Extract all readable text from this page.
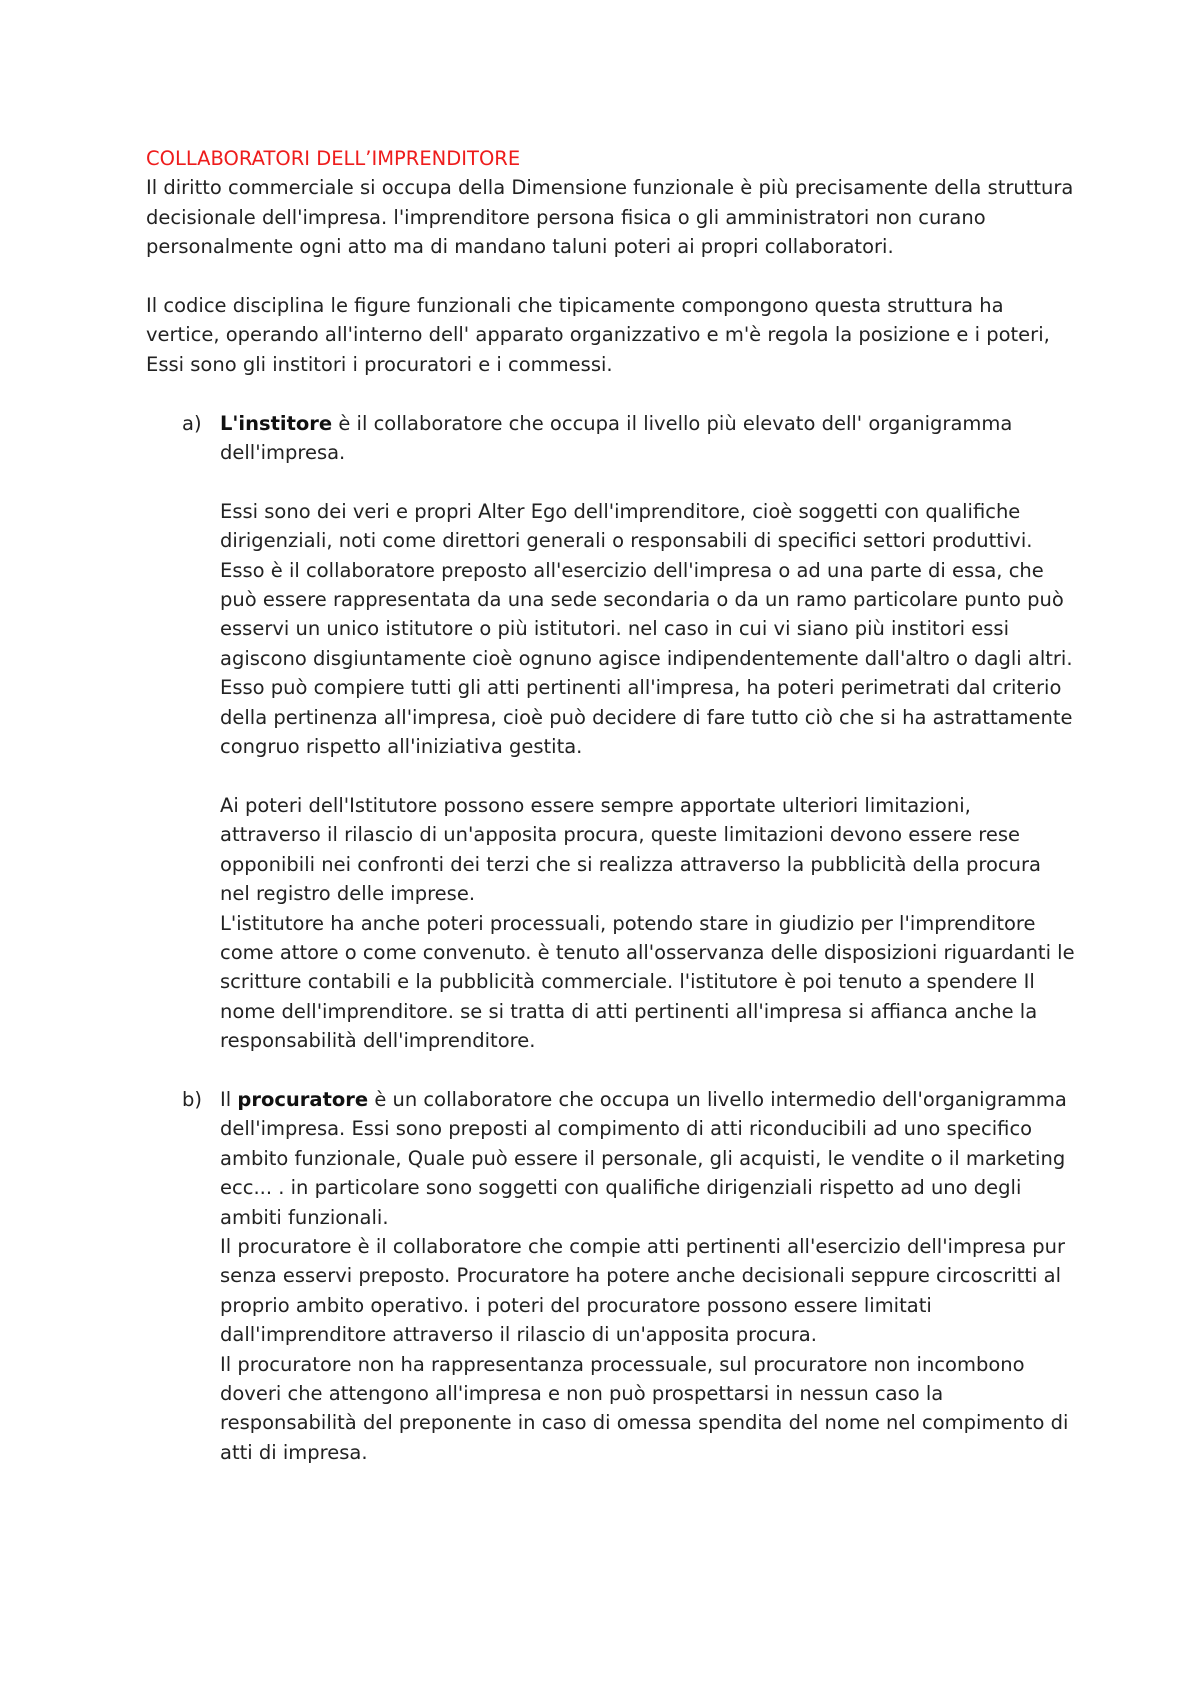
COLLABORATORI DELL’IMPRENDITORE

Il diritto commerciale si occupa della Dimensione funzionale è più precisamente della struttura decisionale dell'impresa. l'imprenditore persona fisica o gli amministratori non curano personalmente ogni atto ma di mandano taluni poteri ai propri collaboratori.

Il codice disciplina le figure funzionali che tipicamente compongono questa struttura ha vertice, operando all'interno dell' apparato organizzativo e m'è regola la posizione e i poteri, Essi sono gli institori i procuratori e i commessi.

a) L'institore è il collaboratore che occupa il livello più elevato dell' organigramma dell'impresa.

Essi sono dei veri e propri Alter Ego dell'imprenditore, cioè soggetti con qualifiche dirigenziali, noti come direttori generali o responsabili di specifici settori produttivi.

Esso è il collaboratore preposto all'esercizio dell'impresa o ad una parte di essa, che può essere rappresentata da una sede secondaria o da un ramo particolare punto può esservi un unico istitutore o più istitutori. nel caso in cui vi siano più institori essi agiscono disgiuntamente cioè ognuno agisce indipendentemente dall'altro o dagli altri.

Esso può compiere tutti gli atti pertinenti all'impresa, ha poteri perimetrati dal criterio della pertinenza all'impresa, cioè può decidere di fare tutto ciò che si ha astrattamente congruo rispetto all'iniziativa gestita.

Ai poteri dell'Istitutore possono essere sempre apportate ulteriori limitazioni, attraverso il rilascio di un'apposita procura, queste limitazioni devono essere rese opponibili nei confronti dei terzi che si realizza attraverso la pubblicità della procura nel registro delle imprese.

L'istitutore ha anche poteri processuali, potendo stare in giudizio per l'imprenditore come attore o come convenuto. è tenuto all'osservanza delle disposizioni riguardanti le scritture contabili e la pubblicità commerciale. l'istitutore è poi tenuto a spendere Il nome dell'imprenditore. se si tratta di atti pertinenti all'impresa si affianca anche la responsabilità dell'imprenditore.

b) Il procuratore è un collaboratore che occupa un livello intermedio dell'organigramma dell'impresa. Essi sono preposti al compimento di atti riconducibili ad uno specifico ambito funzionale, Quale può essere il personale, gli acquisti, le vendite o il marketing ecc... . in particolare sono soggetti con qualifiche dirigenziali rispetto ad uno degli ambiti funzionali.

Il procuratore è il collaboratore che compie atti pertinenti all'esercizio dell'impresa pur senza esservi preposto. Procuratore ha potere anche decisionali seppure circoscritti al proprio ambito operativo. i poteri del procuratore possono essere limitati dall'imprenditore attraverso il rilascio di un'apposita procura.

Il procuratore non ha rappresentanza processuale, sul procuratore non incombono doveri che attengono all'impresa e non può prospettarsi in nessun caso la responsabilità del preponente in caso di omessa spendita del nome nel compimento di atti di impresa.
